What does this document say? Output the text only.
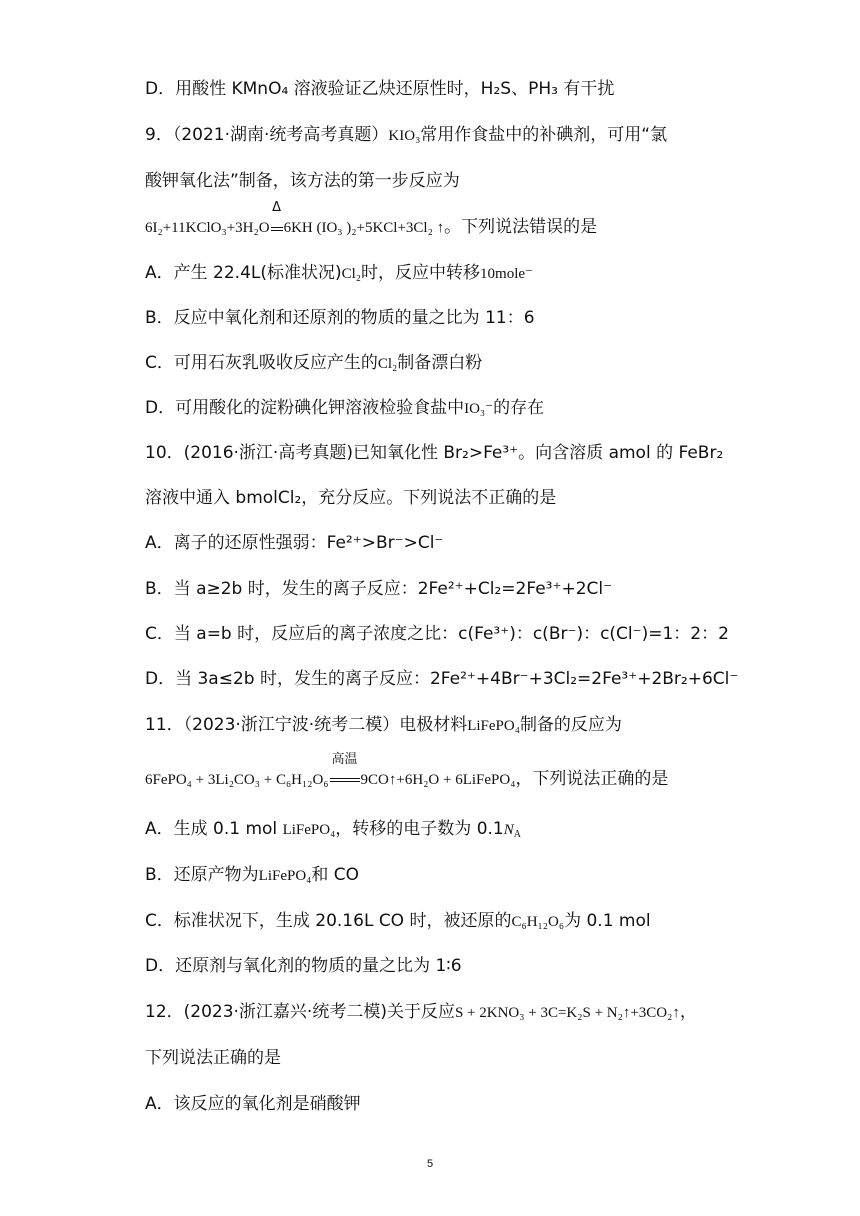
D．用酸性 KMnO₄ 溶液验证乙炔还原性时，H₂S、PH₃ 有干扰
9．（2021·湖南·统考高考真题）KIO₃常用作食盐中的补碘剂，可用“氯
酸钾氧化法”制备，该方法的第一步反应为
6I₂+11KClO₃+3H₂O
Δ
6KH (IO₃ )₂+5KCl+3Cl₂ ↑。下列说法错误的是
A．产生 22.4L(标准状况)Cl₂时，反应中转移10mole⁻
B．反应中氧化剂和还原剂的物质的量之比为 11：6
C．可用石灰乳吸收反应产生的Cl₂制备漂白粉
D．可用酸化的淀粉碘化钾溶液检验食盐中IO₃⁻的存在
10．(2016·浙江·高考真题)已知氧化性 Br₂>Fe³⁺。向含溶质 amol 的 FeBr₂
溶液中通入 bmolCl₂，充分反应。下列说法不正确的是
A．离子的还原性强弱：Fe²⁺>Br⁻>Cl⁻
B．当 a≥2b 时，发生的离子反应：2Fe²⁺+Cl₂=2Fe³⁺+2Cl⁻
C．当 a=b 时，反应后的离子浓度之比：c(Fe³⁺)：c(Br⁻)：c(Cl⁻)=1：2：2
D．当 3a≤2b 时，发生的离子反应：2Fe²⁺+4Br⁻+3Cl₂=2Fe³⁺+2Br₂+6Cl⁻
11．（2023·浙江宁波·统考二模）电极材料LiFePO₄制备的反应为
6FePO₄ + 3Li₂CO₃ + C₆H₁₂O₆
高温
9CO↑+6H₂O + 6LiFePO₄，下列说法正确的是
A．生成 0.1 mol LiFePO₄，转移的电子数为 $0.1N_A$
B．还原产物为LiFePO₄和 CO
C．标准状况下，生成 20.16L CO 时，被还原的C₆H₁₂O₆为 0.1 mol
D．还原剂与氧化剂的物质的量之比为 1∶6
12．(2023·浙江嘉兴·统考二模)关于反应S + 2KNO₃ + 3C=K₂S + N₂↑+3CO₂↑，
下列说法正确的是
A．该反应的氧化剂是硝酸钾
5
